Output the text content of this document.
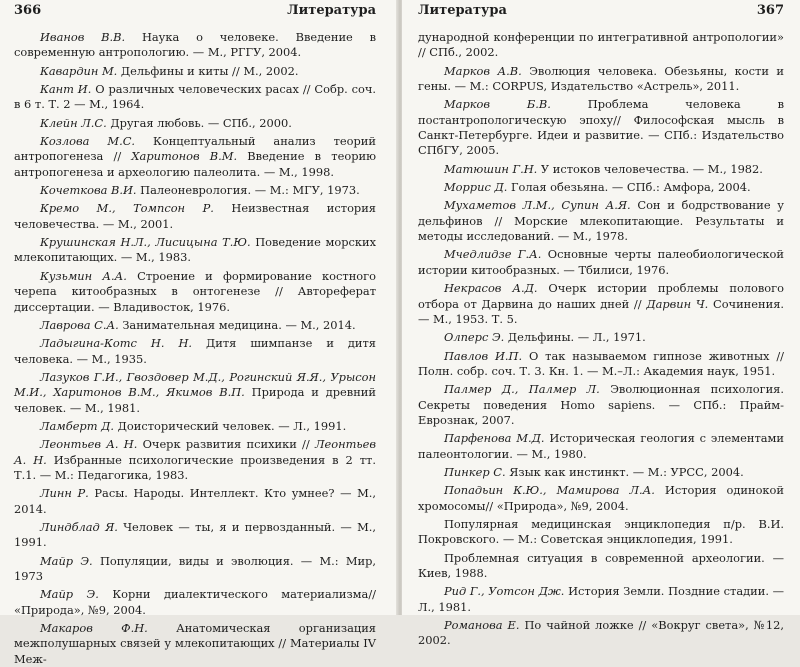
366	Литература

Иванов В.В. Наука о человеке. Введение в современную антропологию. — М., РГГУ, 2004.

Кавардин М. Дельфины и киты // М., 2002.

Кант И. О различных человеческих расах // Собр. соч. в 6 т. Т. 2 — М., 1964.

Клейн Л.С. Другая любовь. — СПб., 2000.

Козлова М.С. Концептуальный анализ теорий антропогенеза // Харитонов В.М. Введение в теорию антропогенеза и археологию палеолита. — М., 1998.

Кочеткова В.И. Палеоневрология. — М.: МГУ, 1973.

Кремо М., Томпсон Р. Неизвестная история человечества. — М., 2001.

Крушинская Н.Л., Лисицына Т.Ю. Поведение морских млекопитающих. — М., 1983.

Кузьмин А.А. Строение и формирование костного черепа китообразных в онтогенезе // Автореферат диссертации. — Владивосток, 1976.

Лаврова С.А. Занимательная медицина. — М., 2014.

Ладыгина-Котс Н. Н. Дитя шимпанзе и дитя человека. — М., 1935.

Лазуков Г.И., Гвоздовер М.Д., Рогинский Я.Я., Урысон М.И., Харитонов В.М., Якимов В.П. Природа и древний человек. — М., 1981.

Ламберт Д. Доисторический человек. — Л., 1991.

Леонтьев А. Н. Очерк развития психики // Леонтьев А. Н. Избранные психологические произведения в 2 тт. Т.1. — М.: Педагогика, 1983.

Линн Р. Расы. Народы. Интеллект. Кто умнее? — М., 2014.

Линдблад Я. Человек — ты, я и первозданный. — М., 1991.

Майр Э. Популяции, виды и эволюция. — М.: Мир, 1973

Майр Э. Корни диалектического материализма// «Природа», №9, 2004.

Макаров Ф.Н. Анатомическая организация межполушарных связей у млекопитающих // Материалы IV Меж-

Литература	367

дународной конференции по интегративной антропологии» // СПб., 2002.

Марков А.В. Эволюция человека. Обезьяны, кости и гены. — М.: CORPUS, Издательство «Астрель», 2011.

Марков Б.В. Проблема человека в постантропологическую эпоху// Философская мысль в Санкт-Петербурге. Идеи и развитие. — СПб.: Издательство СПбГУ, 2005.

Матюшин Г.Н. У истоков человечества. — М., 1982.

Моррис Д. Голая обезьяна. — СПб.: Амфора, 2004.

Мухаметов Л.М., Супин А.Я. Сон и бодрствование у дельфинов // Морские млекопитающие. Результаты и методы исследований. — М., 1978.

Мчедлидзе Г.А. Основные черты палеобиологической истории китообразных. — Тбилиси, 1976.

Некрасов А.Д. Очерк истории проблемы полового отбора от Дарвина до наших дней // Дарвин Ч. Сочинения. — М., 1953. Т. 5.

Олперс Э. Дельфины. — Л., 1971.

Павлов И.П. О так называемом гипнозе животных // Полн. собр. соч. Т. 3. Кн. 1. — М.–Л.: Академия наук, 1951.

Палмер Д., Палмер Л. Эволюционная психология. Секреты поведения Homo sapiens. — СПб.: Прайм-Еврознак, 2007.

Парфенова М.Д. Историческая геология с элементами палеонтологии. — М., 1980.

Пинкер С. Язык как инстинкт. — М.: УРСС, 2004.

Попадьин К.Ю., Мамирова Л.А. История одинокой хромосомы// «Природа», №9, 2004.

Популярная медицинская энциклопедия п/р. В.И. Покровского. — М.: Советская энциклопедия, 1991.

Проблемная ситуация в современной археологии. — Киев, 1988.

Рид Г., Уотсон Дж. История Земли. Поздние стадии. — Л., 1981.

Романова Е. По чайной ложке // «Вокруг света», №12, 2002.
